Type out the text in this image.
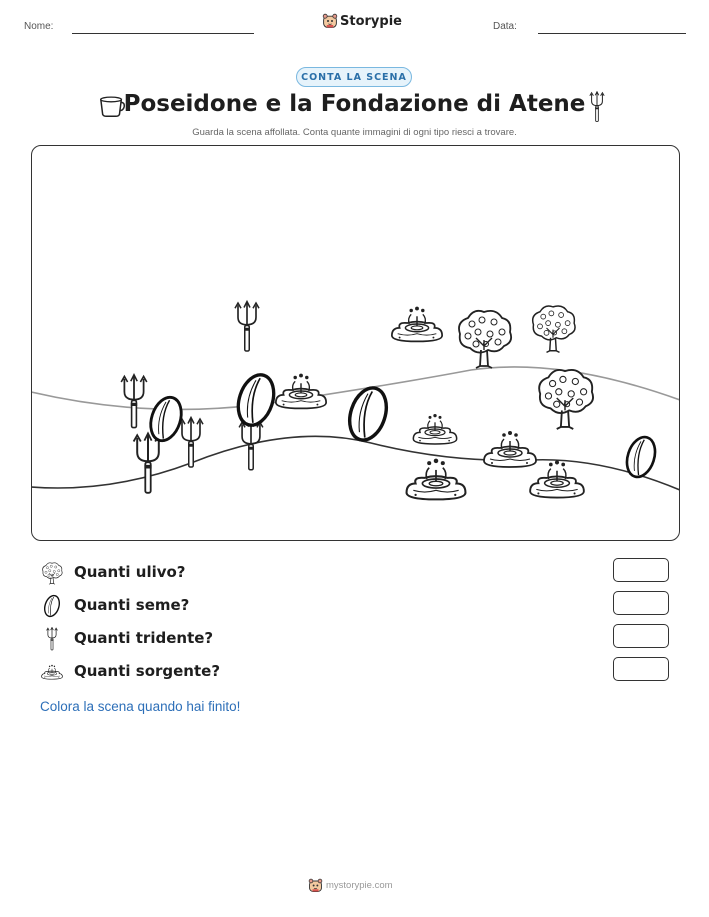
Nome:	Storypie	Data:
CONTA LA SCENA
Poseidone e la Fondazione di Atene
Guarda la scena affollata. Conta quante immagini di ogni tipo riesci a trovare.
Quanti ulivo?
Quanti seme?
Quanti tridente?
Quanti sorgente?
Colora la scena quando hai finito!
mystorypie.com
